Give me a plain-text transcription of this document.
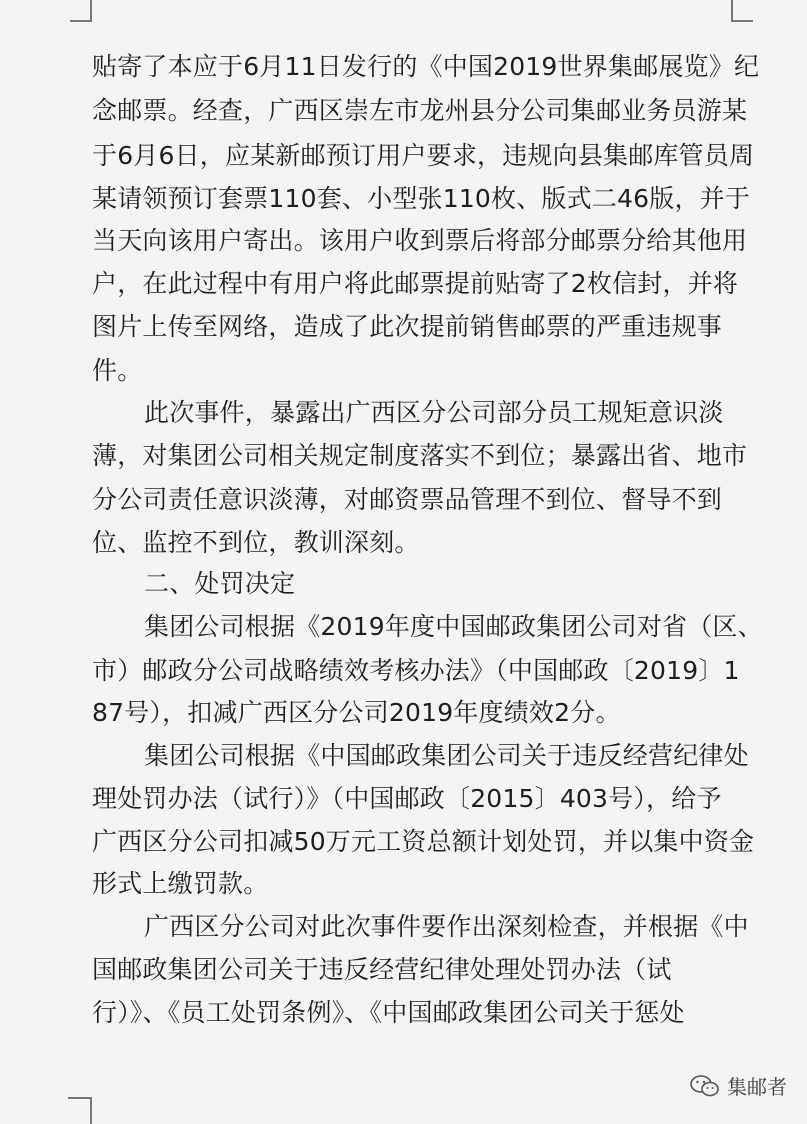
贴寄了本应于6月11日发行的《中国2019世界集邮展览》纪
念邮票。经查，广西区崇左市龙州县分公司集邮业务员游某
于6月6日，应某新邮预订用户要求，违规向县集邮库管员周
某请领预订套票110套、小型张110枚、版式二46版，并于
当天向该用户寄出。该用户收到票后将部分邮票分给其他用
户，在此过程中有用户将此邮票提前贴寄了2枚信封，并将
图片上传至网络，造成了此次提前销售邮票的严重违规事
件。
此次事件，暴露出广西区分公司部分员工规矩意识淡
薄，对集团公司相关规定制度落实不到位；暴露出省、地市
分公司责任意识淡薄，对邮资票品管理不到位、督导不到
位、监控不到位，教训深刻。
二、处罚决定
集团公司根据《2019年度中国邮政集团公司对省（区、
市）邮政分公司战略绩效考核办法》（中国邮政〔2019〕1
87号），扣减广西区分公司2019年度绩效2分。
集团公司根据《中国邮政集团公司关于违反经营纪律处
理处罚办法（试行）》（中国邮政〔2015〕403号），给予
广西区分公司扣减50万元工资总额计划处罚，并以集中资金
形式上缴罚款。
广西区分公司对此次事件要作出深刻检查，并根据《中
国邮政集团公司关于违反经营纪律处理处罚办法（试
行）》、《员工处罚条例》、《中国邮政集团公司关于惩处
集邮者
